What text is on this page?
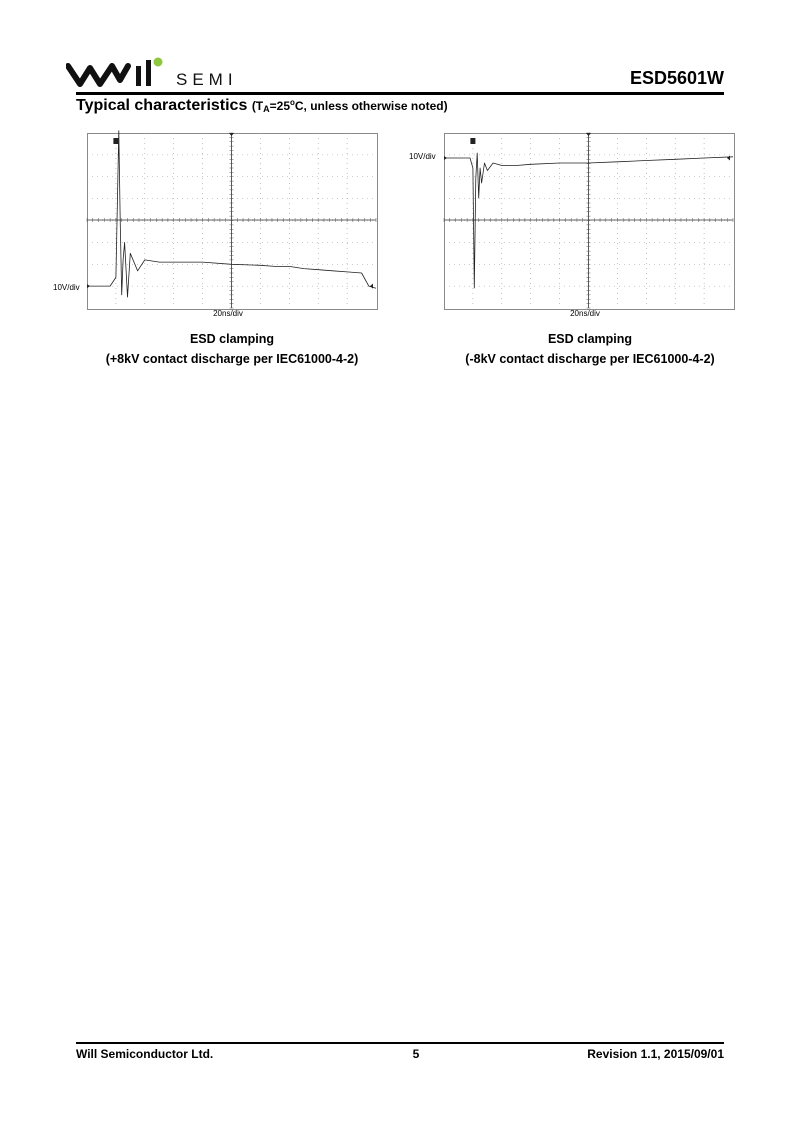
SEMI	ESD5601W
Typical characteristics ($T_A=25^oC$, unless otherwise noted)
10V/div
20ns/div
ESD clamping
(+8kV contact discharge per IEC61000-4-2)
10V/div
20ns/div
ESD clamping
(-8kV contact discharge per IEC61000-4-2)
Will Semiconductor Ltd.	5	Revision 1.1, 2015/09/01
